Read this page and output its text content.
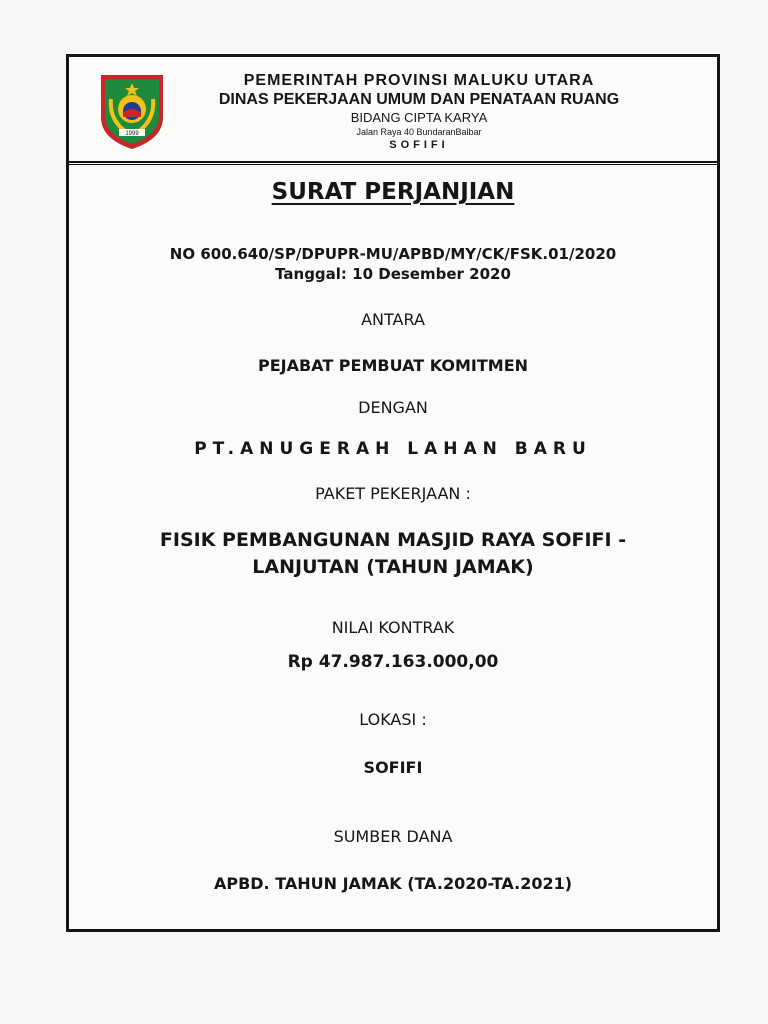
1999
PEMERINTAH PROVINSI MALUKU UTARA
DINAS PEKERJAAN UMUM DAN PENATAAN RUANG
BIDANG CIPTA KARYA
Jalan Raya 40 BundaranBalbar
SOFIFI
SURAT PERJANJIAN
NO 600.640/SP/DPUPR-MU/APBD/MY/CK/FSK.01/2020
Tanggal: 10 Desember 2020
ANTARA
PEJABAT PEMBUAT KOMITMEN
DENGAN
PT.ANUGERAH LAHAN BARU
PAKET PEKERJAAN :
FISIK PEMBANGUNAN MASJID RAYA SOFIFI -
LANJUTAN (TAHUN JAMAK)
NILAI KONTRAK
Rp 47.987.163.000,00
LOKASI :
SOFIFI
SUMBER DANA
APBD. TAHUN JAMAK (TA.2020-TA.2021)
